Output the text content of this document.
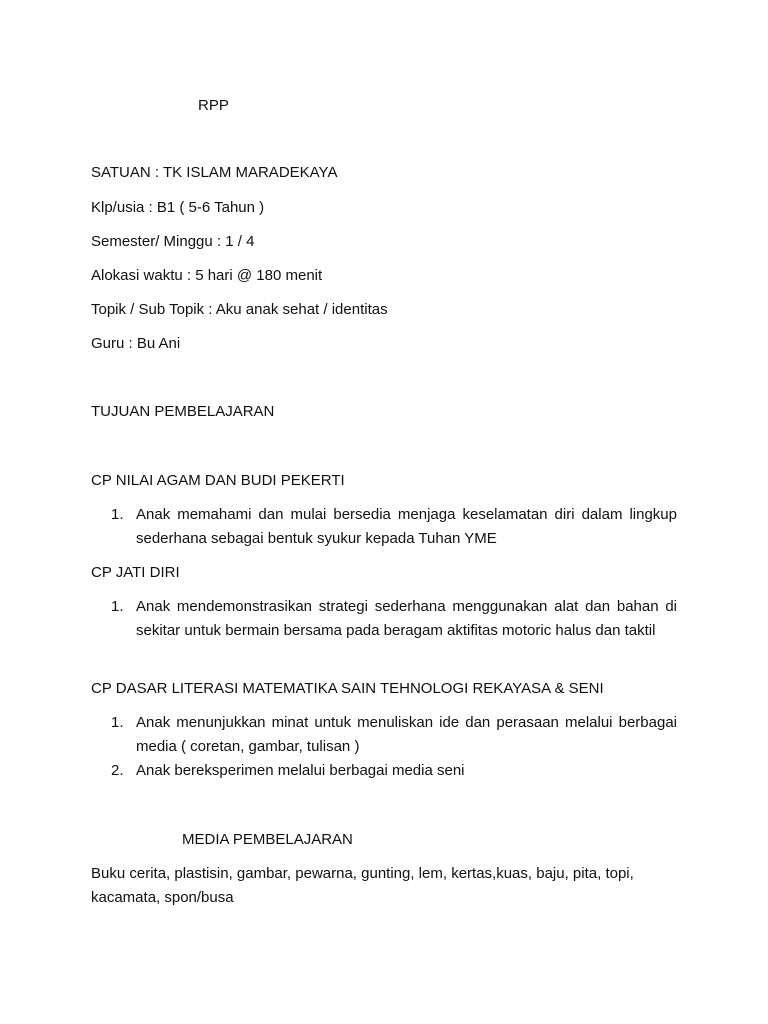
RPP
SATUAN : TK ISLAM MARADEKAYA
Klp/usia : B1 ( 5-6 Tahun )
Semester/ Minggu : 1 / 4
Alokasi waktu : 5 hari @ 180 menit
Topik / Sub Topik : Aku anak sehat / identitas
Guru : Bu Ani
TUJUAN PEMBELAJARAN
CP NILAI AGAM DAN BUDI PEKERTI
1. Anak memahami dan mulai bersedia menjaga keselamatan diri dalam lingkup sederhana sebagai bentuk syukur kepada Tuhan YME
CP JATI DIRI
1. Anak mendemonstrasikan strategi sederhana menggunakan alat dan bahan di sekitar untuk bermain bersama pada beragam aktifitas motoric halus dan taktil
CP DASAR LITERASI MATEMATIKA SAIN TEHNOLOGI REKAYASA & SENI
1. Anak menunjukkan minat untuk menuliskan ide dan perasaan melalui berbagai media ( coretan, gambar, tulisan )
2. Anak bereksperimen melalui berbagai media seni
MEDIA PEMBELAJARAN
Buku cerita, plastisin, gambar, pewarna, gunting, lem, kertas,kuas, baju, pita, topi, kacamata, spon/busa
